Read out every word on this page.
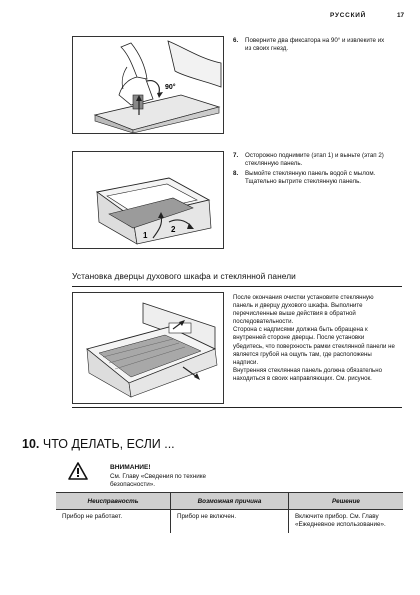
РУССКИЙ	17
90°
6. Поверните два фиксатора на 90° и извлеките их из своих гнезд.
1
2
7. Осторожно поднимите (этап 1) и выньте (этап 2) стеклянную панель.
8. Вымойте стеклянную панель водой с мылом. Тщательно вытрите стеклянную панель.
Установка дверцы духового шкафа и стеклянной панели
После окончания очистки установите стеклянную панель и дверцу духового шкафа. Выполните перечисленные выше действия в обратной последовательности.
Сторона с надписями должна быть обращена к внутренней стороне дверцы. После установки убедитесь, что поверхность рамки стеклянной панели не является грубой на ощупь там, где расположены надписи.
Внутренняя стеклянная панель должна обязательно находиться в своих направляющих. См. рисунок.
10. ЧТО ДЕЛАТЬ, ЕСЛИ ...
ВНИМАНИЕ!
См. Главу «Сведения по технике безопасности».
Неисправность	Возможная причина	Решение
Прибор не работает.	Прибор не включен.	Включите прибор. См. Главу «Ежедневное использование».
